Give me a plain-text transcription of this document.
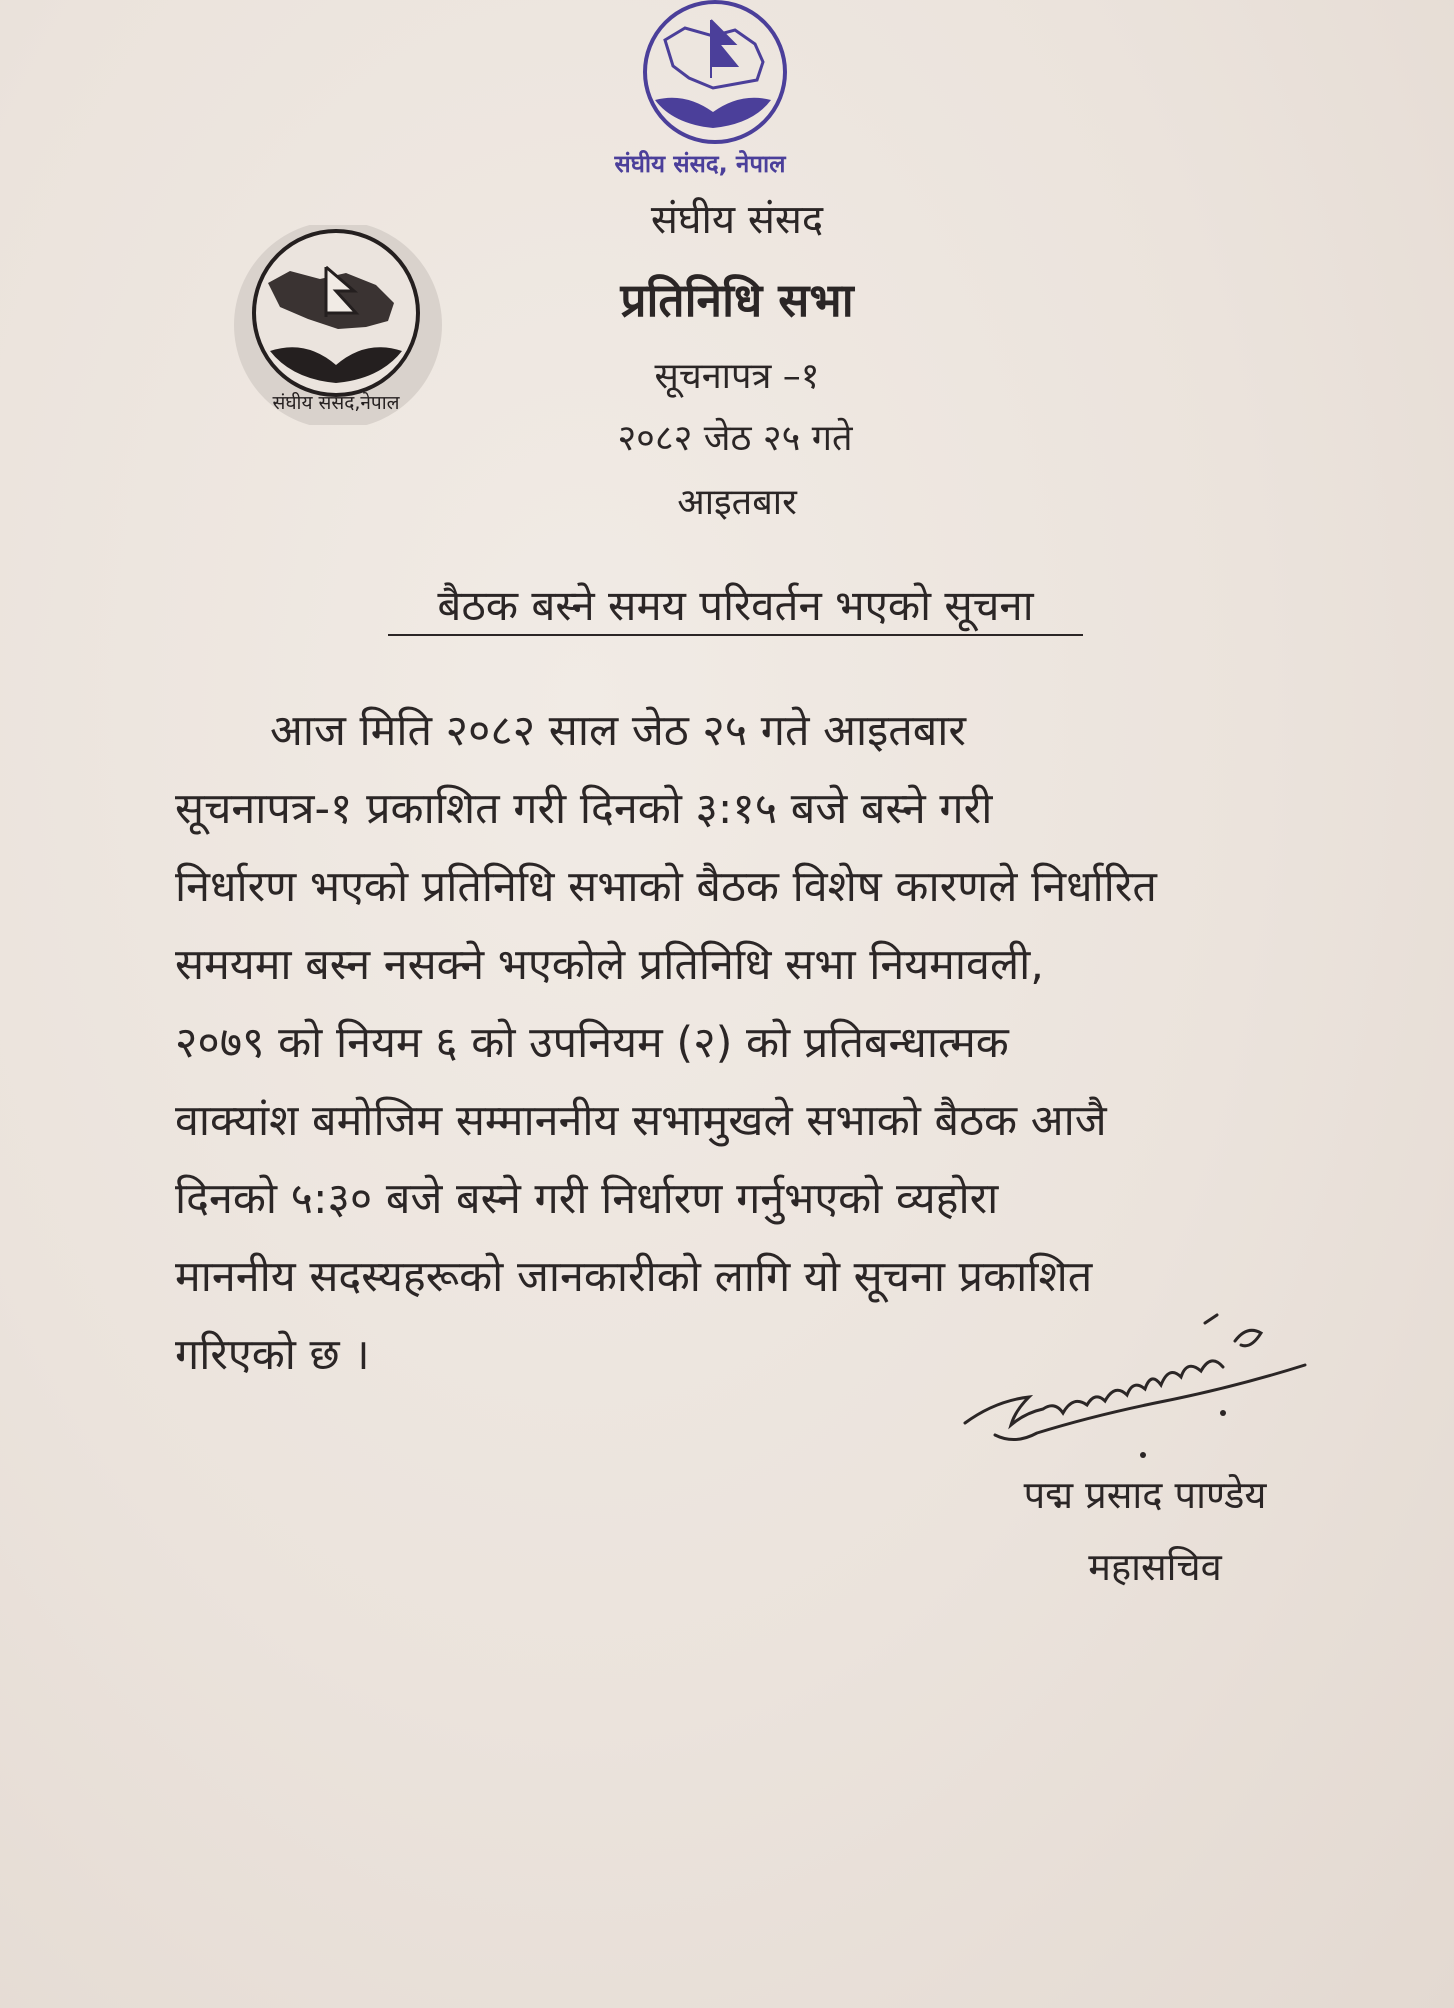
संघीय संसद, नेपाल
संघीय संसद,नेपाल
संघीय संसद
प्रतिनिधि सभा
सूचनापत्र –१
२०८२ जेठ २५ गते
आइतबार
बैठक बस्ने समय परिवर्तन भएको सूचना
आज मिति २०८२ साल जेठ २५ गते आइतबार
सूचनापत्र-१ प्रकाशित गरी दिनको ३:१५ बजे बस्ने गरी
निर्धारण भएको प्रतिनिधि सभाको बैठक विशेष कारणले निर्धारित
समयमा बस्न नसक्ने भएकोले प्रतिनिधि सभा नियमावली,
२०७९ को नियम ६ को उपनियम (२) को प्रतिबन्धात्मक
वाक्यांश बमोजिम सम्माननीय सभामुखले सभाको बैठक आजै
दिनको ५:३० बजे बस्ने गरी निर्धारण गर्नुभएको व्यहोरा
माननीय सदस्यहरूको जानकारीको लागि यो सूचना प्रकाशित
गरिएको छ ।
पद्म प्रसाद पाण्डेय
महासचिव
